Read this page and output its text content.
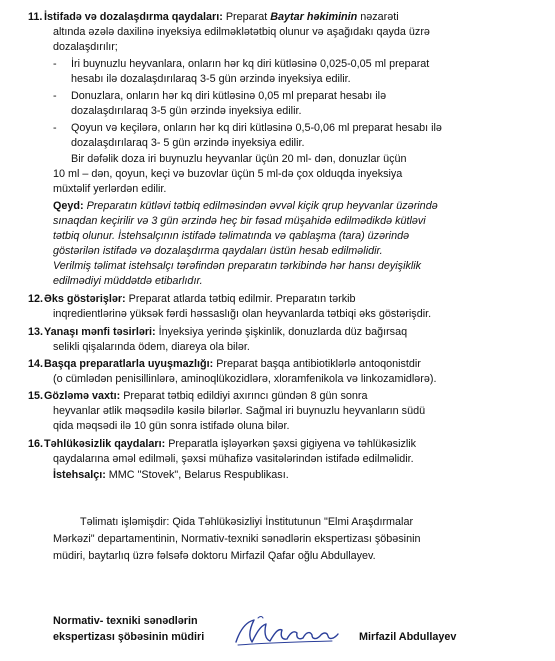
11. İstifadə və dozalaşdırma qaydaları: Preparat Baytar həkiminin nəzarəti
altında əzələ daxilinə inyeksiya edilməklətətbiq olunur və aşağıdakı qayda üzrə
dozalaşdırılır;
- İri buynuzlu heyvanlara, onların hər kq diri kütləsinə 0,025-0,05 ml preparat
hesabı ilə dozalaşdırılaraq 3-5 gün ərzində inyeksiya edilir.
- Donuzlara, onların hər kq diri kütləsinə 0,05 ml preparat hesabı ilə
dozalaşdırılaraq 3-5 gün ərzində inyeksiya edilir.
- Qoyun və keçilərə, onların hər kq diri kütləsinə 0,5-0,06 ml preparat hesabı ilə
dozalaşdırılaraq 3- 5 gün ərzində inyeksiya edilir.
Bir dəfəlik doza iri buynuzlu heyvanlar üçün 20 ml- dən, donuzlar üçün
10 ml – dən, qoyun, keçi və buzovlar üçün 5 ml-də çox olduqda inyeksiya
müxtəlif yerlərdən edilir.
Qeyd: Preparatın kütləvi tətbiq edilməsindən əvvəl kiçik qrup heyvanlar üzərində
sınaqdan keçirilir və 3 gün ərzində heç bir fəsad müşahidə edilmədikdə kütləvi
tətbiq olunur. İstehsalçının istifadə təlimatında və qablaşma (tara) üzərində
göstərilən istifadə və dozalaşdırma qaydaları üstün hesab edilməlidir.
Verilmiş təlimat istehsalçı tərəfindən preparatın tərkibində hər hansı deyişiklik
edilmədiyi müddətdə etibarlıdır.
12. Əks göstərişlər: Preparat atlarda tətbiq edilmir. Preparatın tərkib
inqredientlərinə yüksək fərdi həssaslığı olan heyvanlarda tətbiqi əks göstərişdir.
13. Yanaşı mənfi təsirləri: İnyeksiya yerində şişkinlik, donuzlarda düz bağırsaq
selikli qişalarında ödem, diareya ola bilər.
14. Başqa preparatlarla uyuşmazlığı: Preparat başqa antibiotiklərlə antoqonistdir
(o cümlədən penisillinlərə, aminoqlükozidlərə, xloramfenikola və linkozamidlərə).
15. Gözləmə vaxtı: Preparat tətbiq edildiyi axırıncı gündən 8 gün sonra
heyvanlar ətlik məqsədilə kəsilə bilərlər. Sağmal iri buynuzlu heyvanların südü
qida məqsədi ilə 10 gün sonra istifadə oluna bilər.
16. Təhlükəsizlik qaydaları: Preparatla işləyərkən şəxsi gigiyena və təhlükəsizlik
qaydalarına əməl edilməli, şəxsi mühafizə vasitələrindən istifadə edilməlidir.
İstehsalçı: MMC "Stovek", Belarus Respublikası.
Təlimatı işləmişdir: Qida Təhlükəsizliyi İnstitutunun "Elmi Araşdırmalar
Mərkəzi" departamentinin, Normativ-texniki sənədlərin ekspertizası şöbəsinin
müdiri, baytarlıq üzrə fəlsəfə doktoru Mirfazil Qafar oğlu Abdullayev.
Normativ- texniki sənədlərin
ekspertizası şöbəsinin müdiri	Mirfazil Abdullayev
